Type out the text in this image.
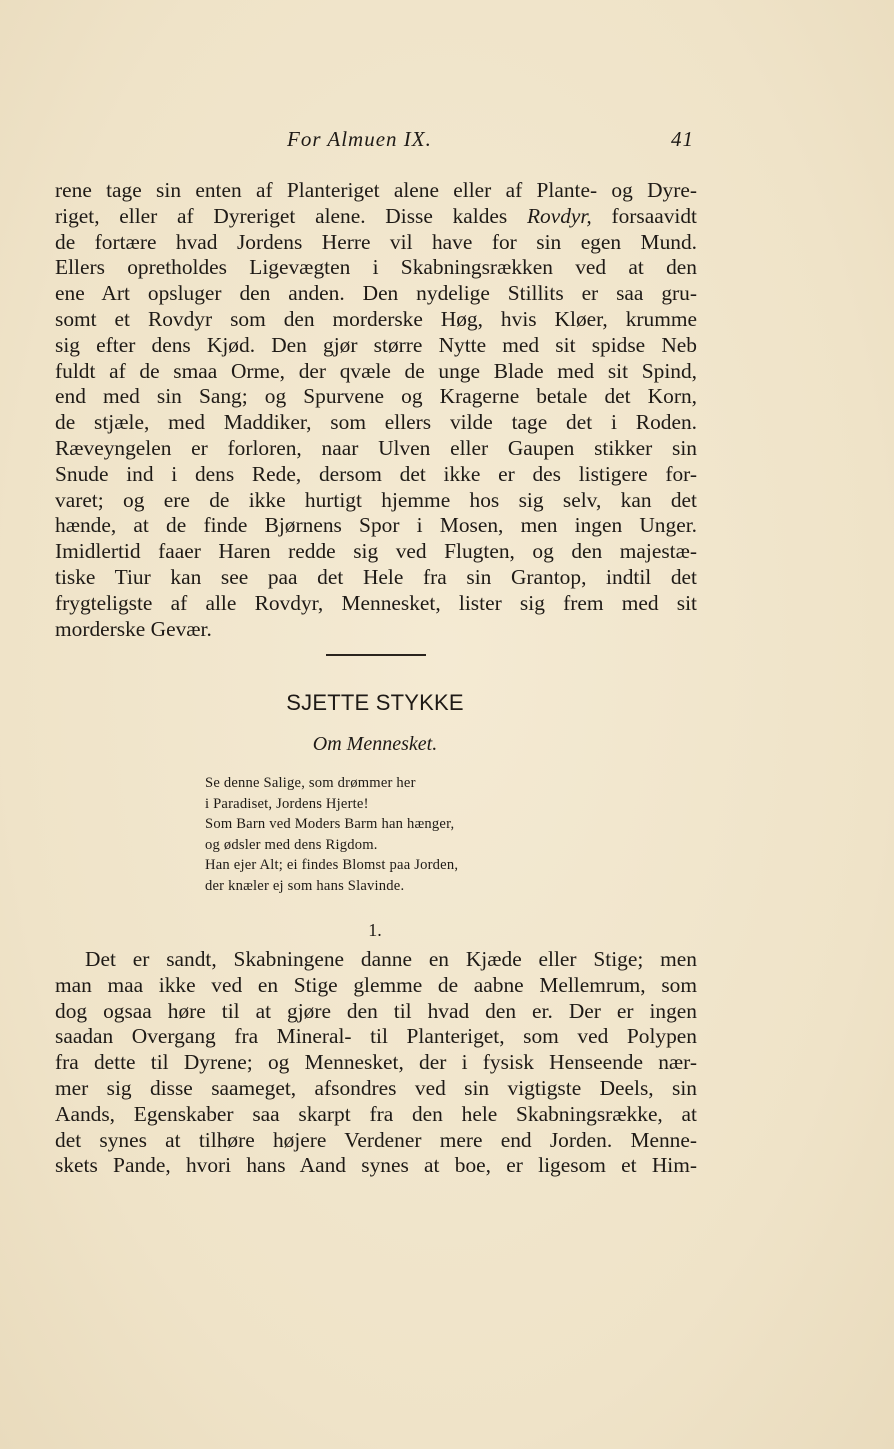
For Almuen IX.	41
rene tage sin enten af Planteriget alene eller af Plante- og Dyre-
riget, eller af Dyreriget alene. Disse kaldes Rovdyr, forsaavidt
de fortære hvad Jordens Herre vil have for sin egen Mund.
Ellers opretholdes Ligevægten i Skabningsrækken ved at den
ene Art opsluger den anden. Den nydelige Stillits er saa gru-
somt et Rovdyr som den morderske Høg, hvis Kløer, krumme
sig efter dens Kjød. Den gjør større Nytte med sit spidse Neb
fuldt af de smaa Orme, der qvæle de unge Blade med sit Spind,
end med sin Sang; og Spurvene og Kragerne betale det Korn,
de stjæle, med Maddiker, som ellers vilde tage det i Roden.
Ræveyngelen er forloren, naar Ulven eller Gaupen stikker sin
Snude ind i dens Rede, dersom det ikke er des listigere for-
varet; og ere de ikke hurtigt hjemme hos sig selv, kan det
hænde, at de finde Bjørnens Spor i Mosen, men ingen Unger.
Imidlertid faaer Haren redde sig ved Flugten, og den majestæ-
tiske Tiur kan see paa det Hele fra sin Grantop, indtil det
frygteligste af alle Rovdyr, Mennesket, lister sig frem med sit
morderske Gevær.
SJETTE STYKKE
Om Mennesket.
Se denne Salige, som drømmer her
i Paradiset, Jordens Hjerte!
Som Barn ved Moders Barm han hænger,
og ødsler med dens Rigdom.
Han ejer Alt; ei findes Blomst paa Jorden,
der knæler ej som hans Slavinde.
1.
Det er sandt, Skabningene danne en Kjæde eller Stige; men
man maa ikke ved en Stige glemme de aabne Mellemrum, som
dog ogsaa høre til at gjøre den til hvad den er. Der er ingen
saadan Overgang fra Mineral- til Planteriget, som ved Polypen
fra dette til Dyrene; og Mennesket, der i fysisk Henseende nær-
mer sig disse saameget, afsondres ved sin vigtigste Deels, sin
Aands, Egenskaber saa skarpt fra den hele Skabningsrække, at
det synes at tilhøre højere Verdener mere end Jorden. Menne-
skets Pande, hvori hans Aand synes at boe, er ligesom et Him-
